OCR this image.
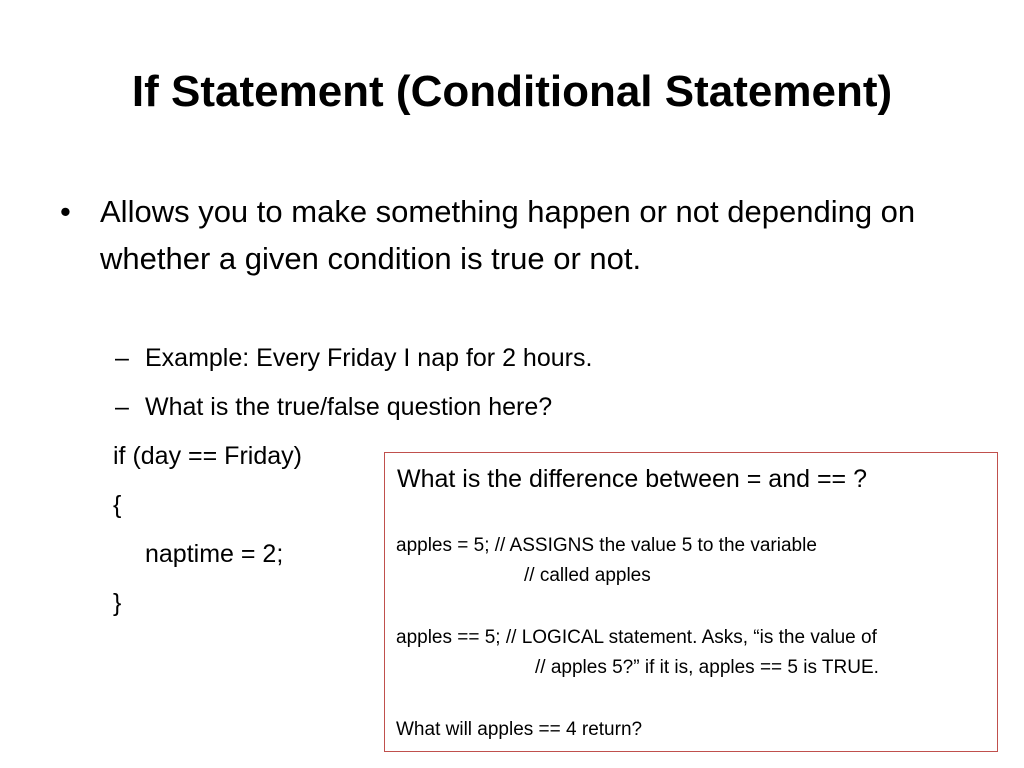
If Statement (Conditional Statement)
• Allows you to make something happen or not depending on whether a given condition is true or not.
– Example: Every Friday I nap for 2 hours.
– What is the true/false question here?
if (day == Friday)
{
naptime = 2;
}
What is the difference between = and == ?
apples = 5; // ASSIGNS the value 5 to the variable
// called apples
apples == 5; // LOGICAL statement. Asks, “is the value of
// apples 5?” if it is, apples == 5 is TRUE.
What will apples == 4 return?
